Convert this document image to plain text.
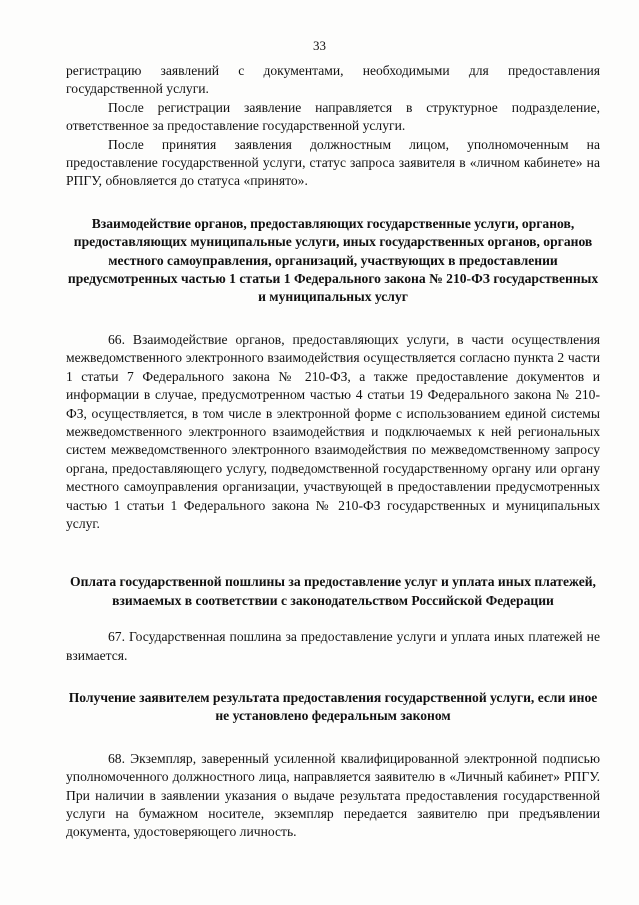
33

регистрацию заявлений с документами, необходимыми для предоставления государственной услуги.

После регистрации заявление направляется в структурное подразделение, ответственное за предоставление государственной услуги.

После принятия заявления должностным лицом, уполномоченным на предоставление государственной услуги, статус запроса заявителя в «личном кабинете» на РПГУ, обновляется до статуса «принято».

Взаимодействие органов, предоставляющих государственные услуги, органов, предоставляющих муниципальные услуги, иных государственных органов, органов местного самоуправления, организаций, участвующих в предоставлении предусмотренных частью 1 статьи 1 Федерального закона № 210-ФЗ государственных и муниципальных услуг

66. Взаимодействие органов, предоставляющих услуги, в части осуществления межведомственного электронного взаимодействия осуществляется согласно пункта 2 части 1 статьи 7 Федерального закона № 210-ФЗ, а также предоставление документов и информации в случае, предусмотренном частью 4 статьи 19 Федерального закона № 210-ФЗ, осуществляется, в том числе в электронной форме с использованием единой системы межведомственного электронного взаимодействия и подключаемых к ней региональных систем межведомственного электронного взаимодействия по межведомственному запросу органа, предоставляющего услугу, подведомственной государственному органу или органу местного самоуправления организации, участвующей в предоставлении предусмотренных частью 1 статьи 1 Федерального закона № 210-ФЗ государственных и муниципальных услуг.

Оплата государственной пошлины за предоставление услуг и уплата иных платежей, взимаемых в соответствии с законодательством Российской Федерации

67. Государственная пошлина за предоставление услуги и уплата иных платежей не взимается.

Получение заявителем результата предоставления государственной услуги, если иное не установлено федеральным законом

68. Экземпляр, заверенный усиленной квалифицированной электронной подписью уполномоченного должностного лица, направляется заявителю в «Личный кабинет» РПГУ. При наличии в заявлении указания о выдаче результата предоставления государственной услуги на бумажном носителе, экземпляр передается заявителю при предъявлении документа, удостоверяющего личность.
